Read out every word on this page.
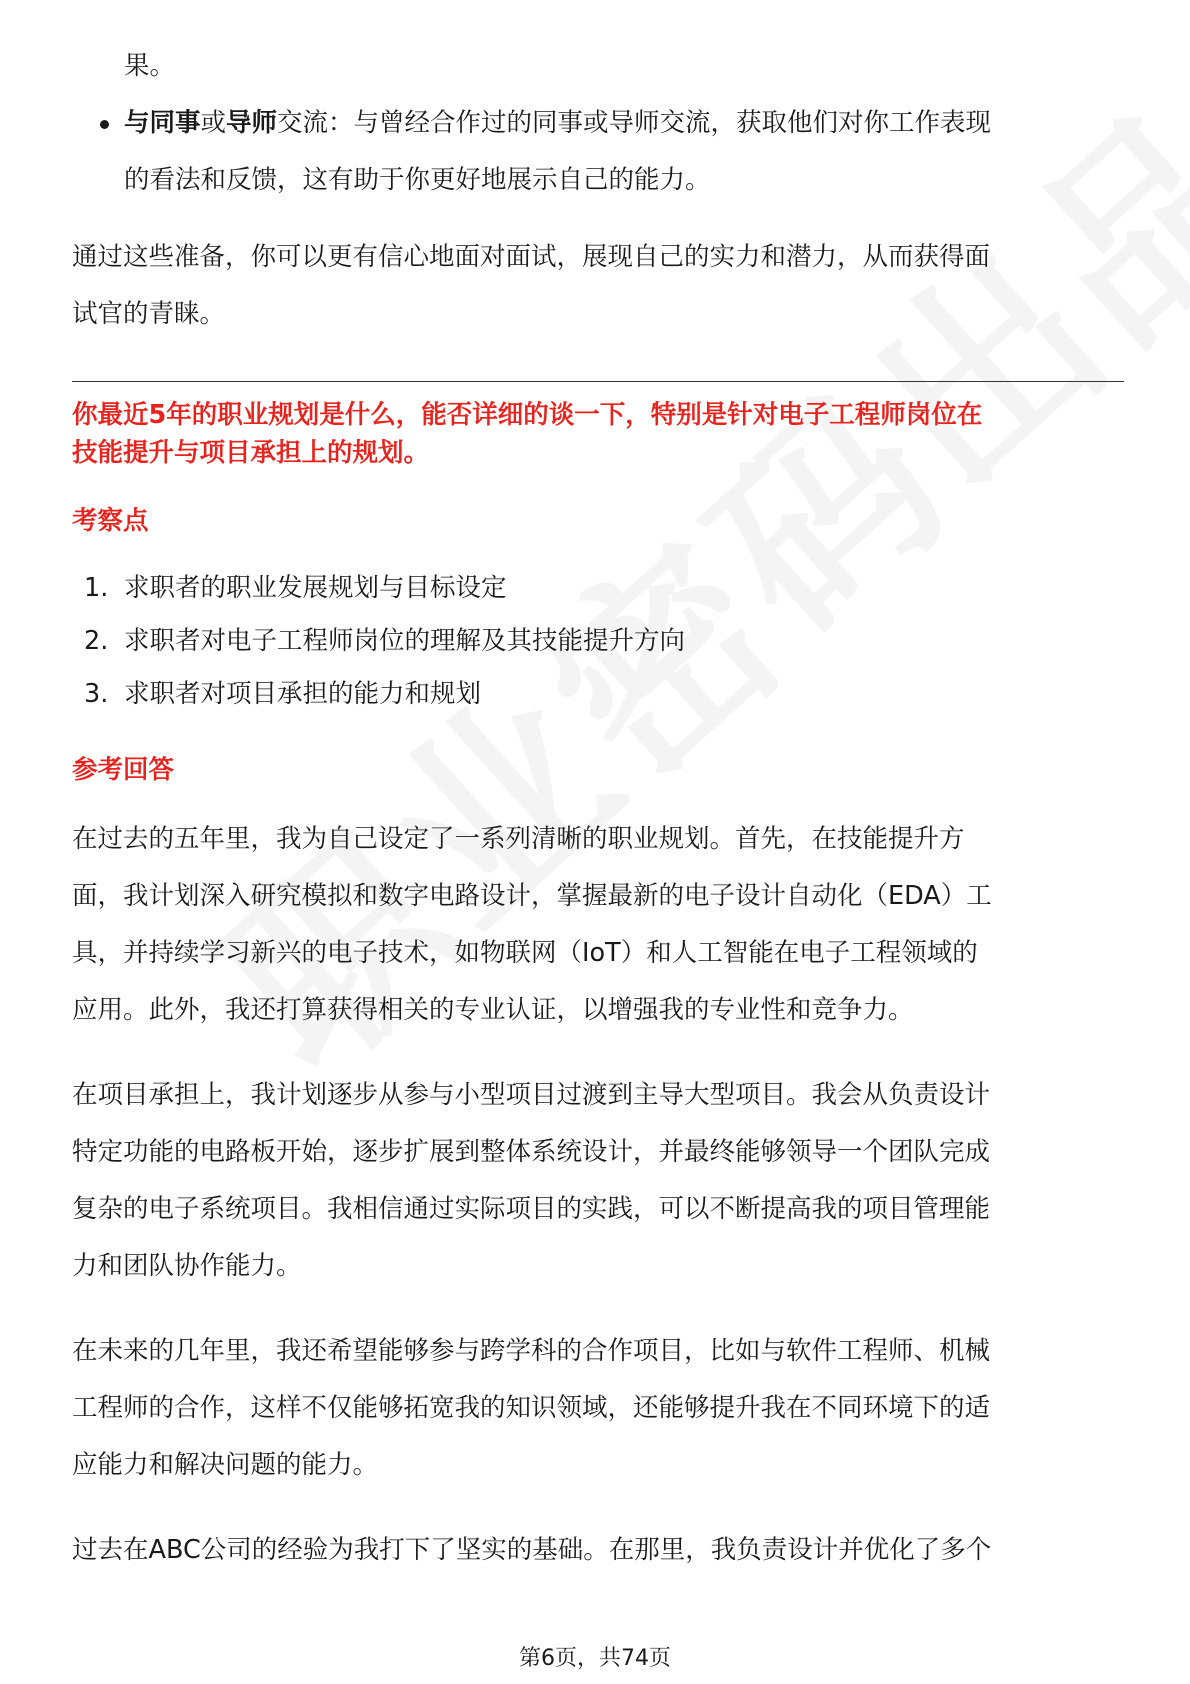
果。

与同事或导师交流：与曾经合作过的同事或导师交流，获取他们对你工作表现
的看法和反馈，这有助于你更好地展示自己的能力。

通过这些准备，你可以更有信心地面对面试，展现自己的实力和潜力，从而获得面
试官的青睐。

你最近5年的职业规划是什么，能否详细的谈一下，特别是针对电子工程师岗位在
技能提升与项目承担上的规划。
考察点
1. 求职者的职业发展规划与目标设定
2. 求职者对电子工程师岗位的理解及其技能提升方向
3. 求职者对项目承担的能力和规划
参考回答

在过去的五年里，我为自己设定了一系列清晰的职业规划。首先，在技能提升方
面，我计划深入研究模拟和数字电路设计，掌握最新的电子设计自动化（EDA）工
具，并持续学习新兴的电子技术，如物联网（IoT）和人工智能在电子工程领域的
应用。此外，我还打算获得相关的专业认证，以增强我的专业性和竞争力。

在项目承担上，我计划逐步从参与小型项目过渡到主导大型项目。我会从负责设计
特定功能的电路板开始，逐步扩展到整体系统设计，并最终能够领导一个团队完成
复杂的电子系统项目。我相信通过实际项目的实践，可以不断提高我的项目管理能
力和团队协作能力。

在未来的几年里，我还希望能够参与跨学科的合作项目，比如与软件工程师、机械
工程师的合作，这样不仅能够拓宽我的知识领域，还能够提升我在不同环境下的适
应能力和解决问题的能力。

过去在ABC公司的经验为我打下了坚实的基础。在那里，我负责设计并优化了多个

第6页，共74页
